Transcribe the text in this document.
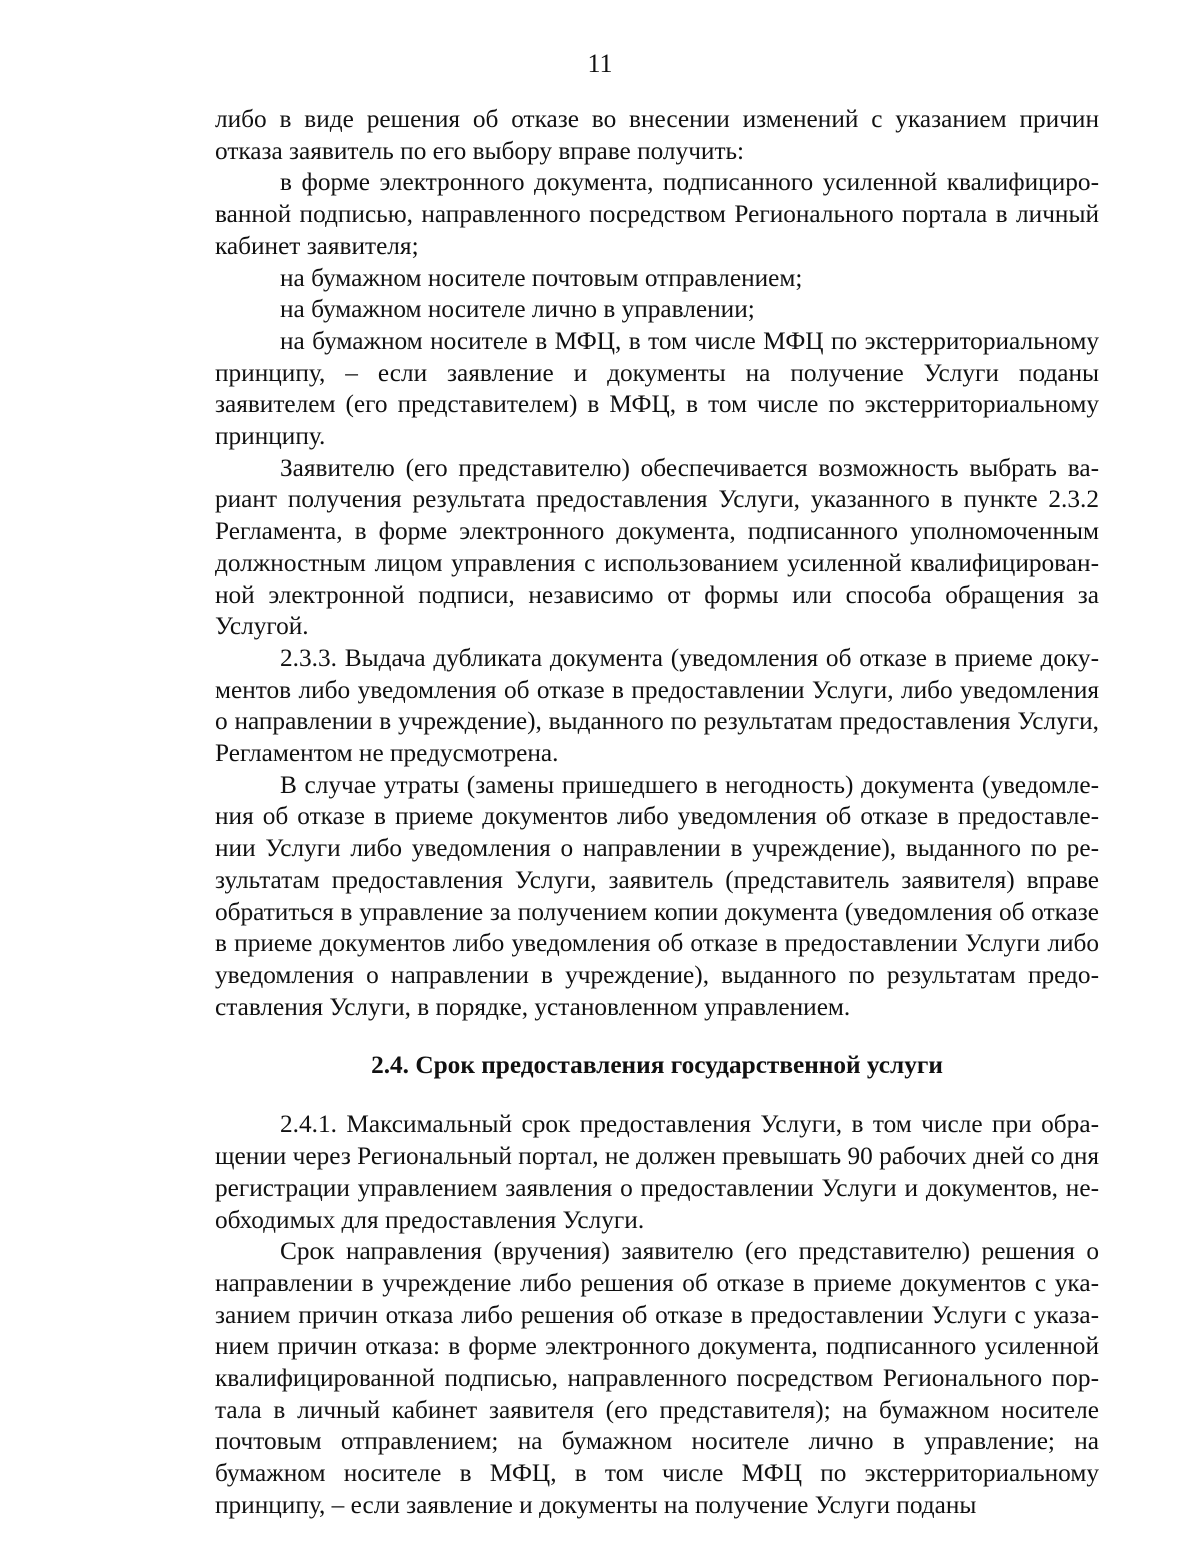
11

либо в виде решения об отказе во внесении изменений с указанием причин отказа заявитель по его выбору вправе получить:

в форме электронного документа, подписанного усиленной квалифицированной подписью, направленного посредством Регионального портала в личный кабинет заявителя;

на бумажном носителе почтовым отправлением;

на бумажном носителе лично в управлении;

на бумажном носителе в МФЦ, в том числе МФЦ по экстерриториальному принципу, – если заявление и документы на получение Услуги поданы заявителем (его представителем) в МФЦ, в том числе по экстерриториальному принципу.

Заявителю (его представителю) обеспечивается возможность выбрать вариант получения результата предоставления Услуги, указанного в пункте 2.3.2 Регламента, в форме электронного документа, подписанного уполномоченным должностным лицом управления с использованием усиленной квалифицированной электронной подписи, независимо от формы или способа обращения за Услугой.

2.3.3. Выдача дубликата документа (уведомления об отказе в приеме документов либо уведомления об отказе в предоставлении Услуги, либо уведомления о направлении в учреждение), выданного по результатам предоставления Услуги, Регламентом не предусмотрена.

В случае утраты (замены пришедшего в негодность) документа (уведомления об отказе в приеме документов либо уведомления об отказе в предоставлении Услуги либо уведомления о направлении в учреждение), выданного по результатам предоставления Услуги, заявитель (представитель заявителя) вправе обратиться в управление за получением копии документа (уведомления об отказе в приеме документов либо уведомления об отказе в предоставлении Услуги либо уведомления о направлении в учреждение), выданного по результатам предоставления Услуги, в порядке, установленном управлением.

2.4. Срок предоставления государственной услуги

2.4.1. Максимальный срок предоставления Услуги, в том числе при обращении через Региональный портал, не должен превышать 90 рабочих дней со дня регистрации управлением заявления о предоставлении Услуги и документов, необходимых для предоставления Услуги.

Срок направления (вручения) заявителю (его представителю) решения о направлении в учреждение либо решения об отказе в приеме документов с указанием причин отказа либо решения об отказе в предоставлении Услуги с указанием причин отказа: в форме электронного документа, подписанного усиленной квалифицированной подписью, направленного посредством Регионального портала в личный кабинет заявителя (его представителя); на бумажном носителе почтовым отправлением; на бумажном носителе лично в управление; на бумажном носителе в МФЦ, в том числе МФЦ по экстерриториальному принципу, – если заявление и документы на получение Услуги поданы
